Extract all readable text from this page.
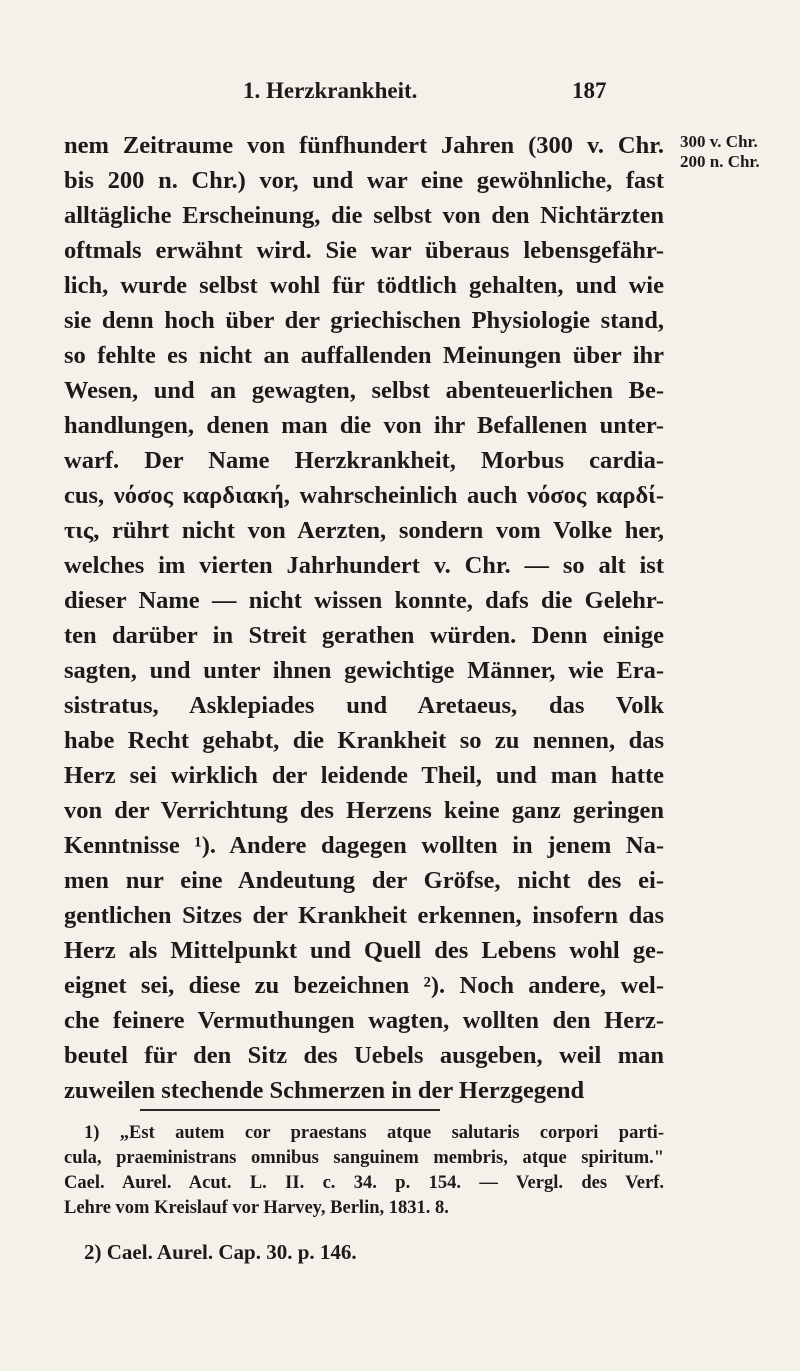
1. Herzkrankheit.	187
300 v. Chr.
200 n. Chr.
nem Zeitraume von fünfhundert Jahren (300 v. Chr.
bis 200 n. Chr.) vor, und war eine gewöhnliche, fast
alltägliche Erscheinung, die selbst von den Nichtärzten
oftmals erwähnt wird. Sie war überaus lebensgefähr-
lich, wurde selbst wohl für tödtlich gehalten, und wie
sie denn hoch über der griechischen Physiologie stand,
so fehlte es nicht an auffallenden Meinungen über ihr
Wesen, und an gewagten, selbst abenteuerlichen Be-
handlungen, denen man die von ihr Befallenen unter-
warf. Der Name Herzkrankheit, Morbus cardia-
cus, νόσος καρδιακή, wahrscheinlich auch νόσος καρδί-
τις, rührt nicht von Aerzten, sondern vom Volke her,
welches im vierten Jahrhundert v. Chr. — so alt ist
dieser Name — nicht wissen konnte, dafs die Gelehr-
ten darüber in Streit gerathen würden. Denn einige
sagten, und unter ihnen gewichtige Männer, wie Era-
sistratus, Asklepiades und Aretaeus, das Volk
habe Recht gehabt, die Krankheit so zu nennen, das
Herz sei wirklich der leidende Theil, und man hatte
von der Verrichtung des Herzens keine ganz geringen
Kenntnisse ¹). Andere dagegen wollten in jenem Na-
men nur eine Andeutung der Gröfse, nicht des ei-
gentlichen Sitzes der Krankheit erkennen, insofern das
Herz als Mittelpunkt und Quell des Lebens wohl ge-
eignet sei, diese zu bezeichnen ²). Noch andere, wel-
che feinere Vermuthungen wagten, wollten den Herz-
beutel für den Sitz des Uebels ausgeben, weil man
zuweilen stechende Schmerzen in der Herzgegend
1) „Est autem cor praestans atque salutaris corpori parti-
cula, praeministrans omnibus sanguinem membris, atque spiritum."
Cael. Aurel. Acut. L. II. c. 34. p. 154. — Vergl. des Verf.
Lehre vom Kreislauf vor Harvey, Berlin, 1831. 8.
2) Cael. Aurel. Cap. 30. p. 146.
